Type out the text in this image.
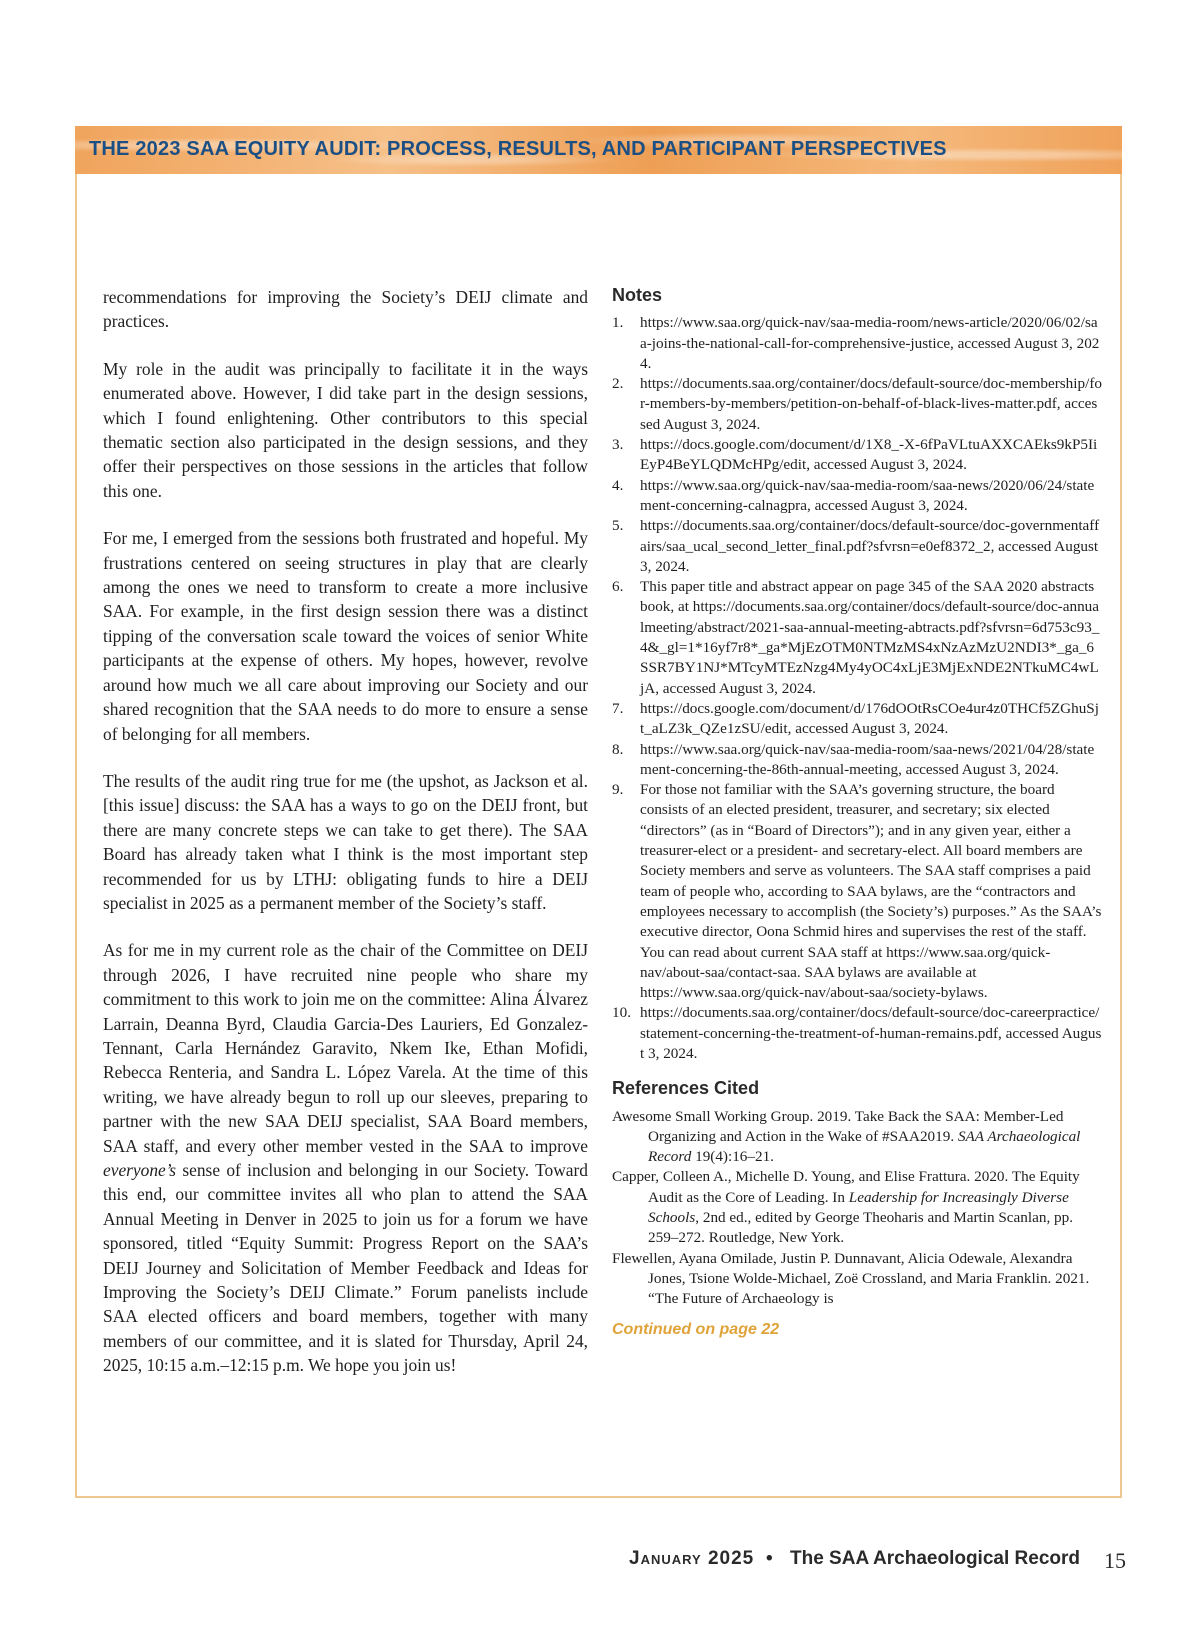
THE 2023 SAA EQUITY AUDIT: PROCESS, RESULTS, AND PARTICIPANT PERSPECTIVES

recommendations for improving the Society’s DEIJ climate and practices.

My role in the audit was principally to facilitate it in the ways enumerated above. However, I did take part in the design sessions, which I found enlightening. Other contributors to this special thematic section also participated in the design sessions, and they offer their perspectives on those sessions in the articles that follow this one.

For me, I emerged from the sessions both frustrated and hopeful. My frustrations centered on seeing structures in play that are clearly among the ones we need to transform to create a more inclusive SAA. For example, in the first design session there was a distinct tipping of the conversation scale toward the voices of senior White participants at the expense of others. My hopes, however, revolve around how much we all care about improving our Society and our shared recognition that the SAA needs to do more to ensure a sense of belonging for all members.

The results of the audit ring true for me (the upshot, as Jackson et al. [this issue] discuss: the SAA has a ways to go on the DEIJ front, but there are many concrete steps we can take to get there). The SAA Board has already taken what I think is the most important step recommended for us by LTHJ: obligating funds to hire a DEIJ specialist in 2025 as a permanent member of the Society’s staff.

As for me in my current role as the chair of the Committee on DEIJ through 2026, I have recruited nine people who share my commitment to this work to join me on the committee: Alina Álvarez Larrain, Deanna Byrd, Claudia Garcia-Des Lauriers, Ed Gonzalez-Tennant, Carla Hernández Garavito, Nkem Ike, Ethan Mofidi, Rebecca Renteria, and Sandra L. López Varela. At the time of this writing, we have already begun to roll up our sleeves, preparing to partner with the new SAA DEIJ specialist, SAA Board members, SAA staff, and every other member vested in the SAA to improve everyone’s sense of inclusion and belonging in our Society. Toward this end, our committee invites all who plan to attend the SAA Annual Meeting in Denver in 2025 to join us for a forum we have sponsored, titled “Equity Summit: Progress Report on the SAA’s DEIJ Journey and Solicitation of Member Feedback and Ideas for Improving the Society’s DEIJ Climate.” Forum panelists include SAA elected officers and board members, together with many members of our committee, and it is slated for Thursday, April 24, 2025, 10:15 a.m.–12:15 p.m. We hope you join us!

Notes
1. https://www.saa.org/quick-nav/saa-media-room/news-article/2020/06/02/saa-joins-the-national-call-for-comprehensive-justice, accessed August 3, 2024.
2. https://documents.saa.org/container/docs/default-source/doc-membership/for-members-by-members/petition-on-behalf-of-black-lives-matter.pdf, accessed August 3, 2024.
3. https://docs.google.com/document/d/1X8_-X-6fPaVLtuAXXCAEks9kP5IiEyP4BeYLQDMcHPg/edit, accessed August 3, 2024.
4. https://www.saa.org/quick-nav/saa-media-room/saa-news/2020/06/24/statement-concerning-calnagpra, accessed August 3, 2024.
5. https://documents.saa.org/container/docs/default-source/doc-governmentaffairs/saa_ucal_second_letter_final.pdf?sfvrsn=e0ef8372_2, accessed August 3, 2024.
6. This paper title and abstract appear on page 345 of the SAA 2020 abstracts book, at https://documents.saa.org/container/docs/default-source/doc-annualmeeting/abstract/2021-saa-annual-meeting-abtracts.pdf?sfvrsn=6d753c93_4&_gl=1*16yf7r8*_ga*MjEzOTM0NTMzMS4xNzAzMzU2NDI3*_ga_6SSR7BY1NJ*MTcyMTEzNzg4My4yOC4xLjE3MjExNDE2NTkuMC4wLjA, accessed August 3, 2024.
7. https://docs.google.com/document/d/176dOOtRsCOe4ur4z0THCf5ZGhuSjt_aLZ3k_QZe1zSU/edit, accessed August 3, 2024.
8. https://www.saa.org/quick-nav/saa-media-room/saa-news/2021/04/28/statement-concerning-the-86th-annual-meeting, accessed August 3, 2024.
9. For those not familiar with the SAA’s governing structure, the board consists of an elected president, treasurer, and secretary; six elected “directors” (as in “Board of Directors”); and in any given year, either a treasurer-elect or a president- and secretary-elect. All board members are Society members and serve as volunteers. The SAA staff comprises a paid team of people who, according to SAA bylaws, are the “contractors and employees necessary to accomplish (the Society’s) purposes.” As the SAA’s executive director, Oona Schmid hires and supervises the rest of the staff. You can read about current SAA staff at https://www.saa.org/quick-nav/about-saa/contact-saa. SAA bylaws are available at https://www.saa.org/quick-nav/about-saa/society-bylaws.
10. https://documents.saa.org/container/docs/default-source/doc-careerpractice/statement-concerning-the-treatment-of-human-remains.pdf, accessed August 3, 2024.
References Cited
Awesome Small Working Group. 2019. Take Back the SAA: Member-Led Organizing and Action in the Wake of #SAA2019. SAA Archaeological Record 19(4):16–21.
Capper, Colleen A., Michelle D. Young, and Elise Frattura. 2020. The Equity Audit as the Core of Leading. In Leadership for Increasingly Diverse Schools, 2nd ed., edited by George Theoharis and Martin Scanlan, pp. 259–272. Routledge, New York.
Flewellen, Ayana Omilade, Justin P. Dunnavant, Alicia Odewale, Alexandra Jones, Tsione Wolde-Michael, Zoë Crossland, and Maria Franklin. 2021. “The Future of Archaeology is
Continued on page 22
January 2025 • The SAA Archaeological Record 15
